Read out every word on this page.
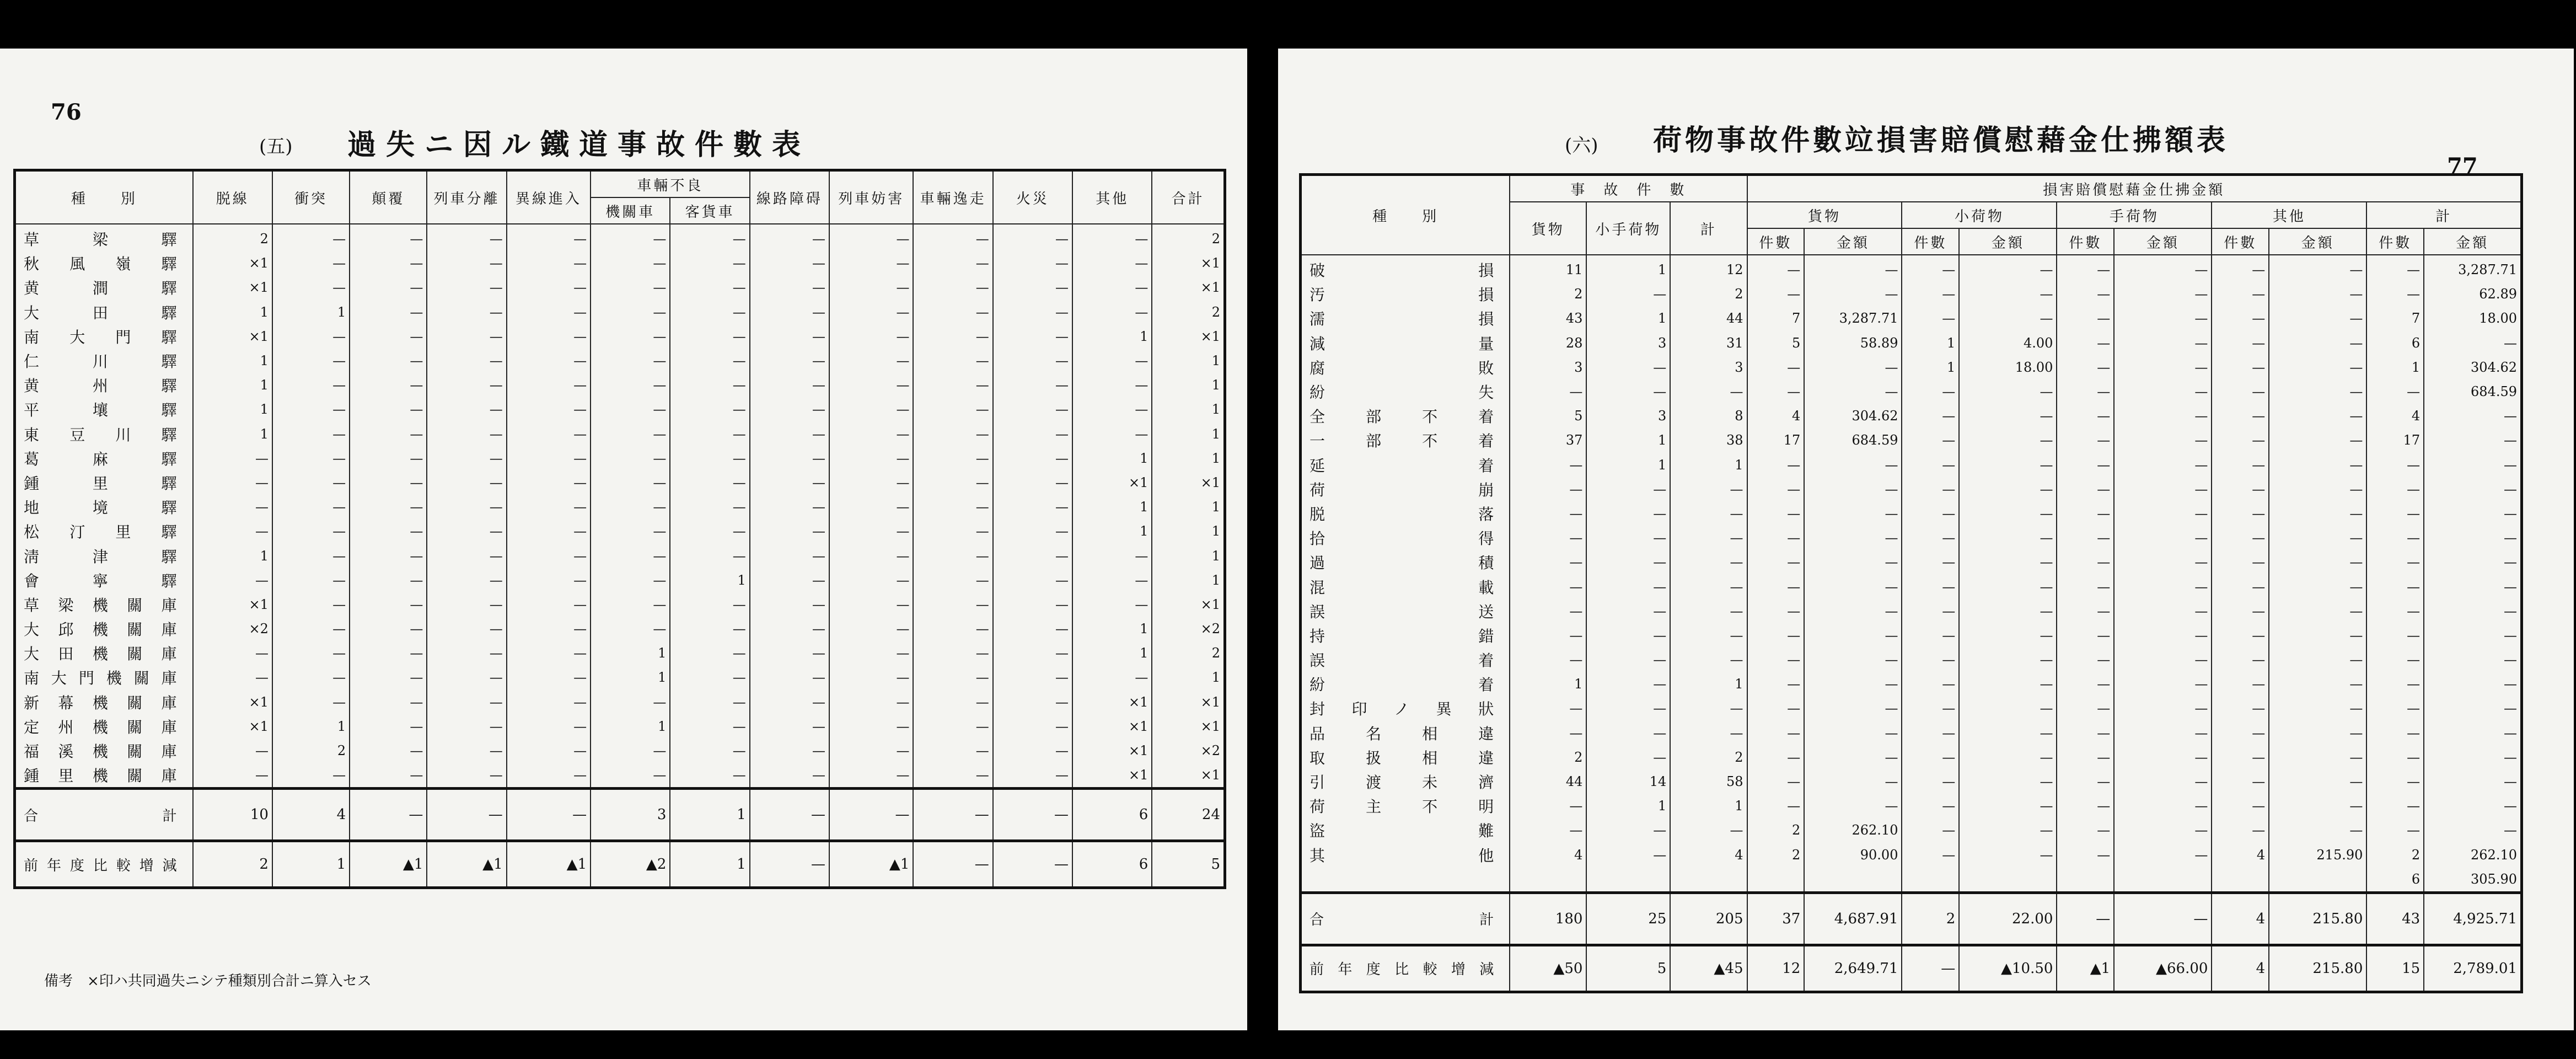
76
(五) 過失ニ因ル鐵道事故件數表
種　　別	脱線	衝突	顛覆	列車分離	異線進入	車輛不良		線路障碍	列車妨害	車輛逸走	火災	其他	合計
						機關車	客貨車						
草梁驛	2	—	—	—	—	—	—	—	—	—	—	—	2
秋風嶺驛	×1	—	—	—	—	—	—	—	—	—	—	—	×1
黄澗驛	×1	—	—	—	—	—	—	—	—	—	—	—	×1
大田驛	1	1	—	—	—	—	—	—	—	—	—	—	2
南大門驛	×1	—	—	—	—	—	—	—	—	—	—	1	×1
仁川驛	1	—	—	—	—	—	—	—	—	—	—	—	1
黄州驛	1	—	—	—	—	—	—	—	—	—	—	—	1
平壤驛	1	—	—	—	—	—	—	—	—	—	—	—	1
東豆川驛	1	—	—	—	—	—	—	—	—	—	—	—	1
葛麻驛	—	—	—	—	—	—	—	—	—	—	—	1	1
鍾里驛	—	—	—	—	—	—	—	—	—	—	—	×1	×1
地境驛	—	—	—	—	—	—	—	—	—	—	—	1	1
松汀里驛	—	—	—	—	—	—	—	—	—	—	—	1	1
淸津驛	1	—	—	—	—	—	—	—	—	—	—	—	1
會寧驛	—	—	—	—	—	—	1	—	—	—	—	—	1
草梁機關庫	×1	—	—	—	—	—	—	—	—	—	—	—	×1
大邱機關庫	×2	—	—	—	—	—	—	—	—	—	—	1	×2
大田機關庫	—	—	—	—	—	1	—	—	—	—	—	1	2
南大門機關庫	—	—	—	—	—	1	—	—	—	—	—	—	1
新幕機關庫	×1	—	—	—	—	—	—	—	—	—	—	×1	×1
定州機關庫	×1	1	—	—	—	1	—	—	—	—	—	×1	×1
福溪機關庫	—	2	—	—	—	—	—	—	—	—	—	×1	×2
鍾里機關庫	—	—	—	—	—	—	—	—	—	—	—	×1	×1
合　計	10	4	—	—	—	3	1	—	—	—	—	6	24
前年度比較增減	2	1	▲1	▲1	▲1	▲2	1	—	▲1	—	—	6	5
備考　×印ハ共同過失ニシテ種類別合計ニ算入セス
77
(六) 荷物事故件數竝損害賠償慰藉金仕拂額表
種　　別	事　故　件　數			損害賠償慰藉金仕拂金額									
	貨物	小手荷物	計	貨物		小荷物		手荷物		其他		計	
				件數	金額	件數	金額	件數	金額	件數	金額	件數	金額
破損	11	1	12	—	—	—	—	—	—	—	—	—	3,287.71
汚損	2	—	2	—	—	—	—	—	—	—	—	—	62.89
濡損	43	1	44	7	3,287.71	—	—	—	—	—	—	7	18.00
減量	28	3	31	5	58.89	1	4.00	—	—	—	—	6	—
腐敗	3	—	3	—	—	1	18.00	—	—	—	—	1	304.62
紛失	—	—	—	—	—	—	—	—	—	—	—	—	684.59
全部不着	5	3	8	4	304.62	—	—	—	—	—	—	4	—
一部不着	37	1	38	17	684.59	—	—	—	—	—	—	17	—
延着	—	1	1	—	—	—	—	—	—	—	—	—	—
荷崩	—	—	—	—	—	—	—	—	—	—	—	—	—
脱落	—	—	—	—	—	—	—	—	—	—	—	—	—
拾得	—	—	—	—	—	—	—	—	—	—	—	—	—
過積	—	—	—	—	—	—	—	—	—	—	—	—	—
混載	—	—	—	—	—	—	—	—	—	—	—	—	—
誤送	—	—	—	—	—	—	—	—	—	—	—	—	—
持錯	—	—	—	—	—	—	—	—	—	—	—	—	—
誤着	—	—	—	—	—	—	—	—	—	—	—	—	—
紛着	1	—	1	—	—	—	—	—	—	—	—	—	—
封印ノ異狀	—	—	—	—	—	—	—	—	—	—	—	—	—
品名相違	—	—	—	—	—	—	—	—	—	—	—	—	—
取扱相違	2	—	2	—	—	—	—	—	—	—	—	—	—
引渡未濟	44	14	58	—	—	—	—	—	—	—	—	—	—
荷主不明	—	1	1	—	—	—	—	—	—	—	—	—	—
盜難	—	—	—	2	262.10	—	—	—	—	—	—	—	—
其他	4	—	4	2	90.00	—	—	—	—	4	215.90	2	262.10
												6	305.90
合　計	180	25	205	37	4,687.91	2	22.00	—	—	4	215.80	43	4,925.71
前年度比較增減	▲50	5	▲45	12	2,649.71	—	▲10.50	▲1	▲66.00	4	215.80	15	2,789.01
